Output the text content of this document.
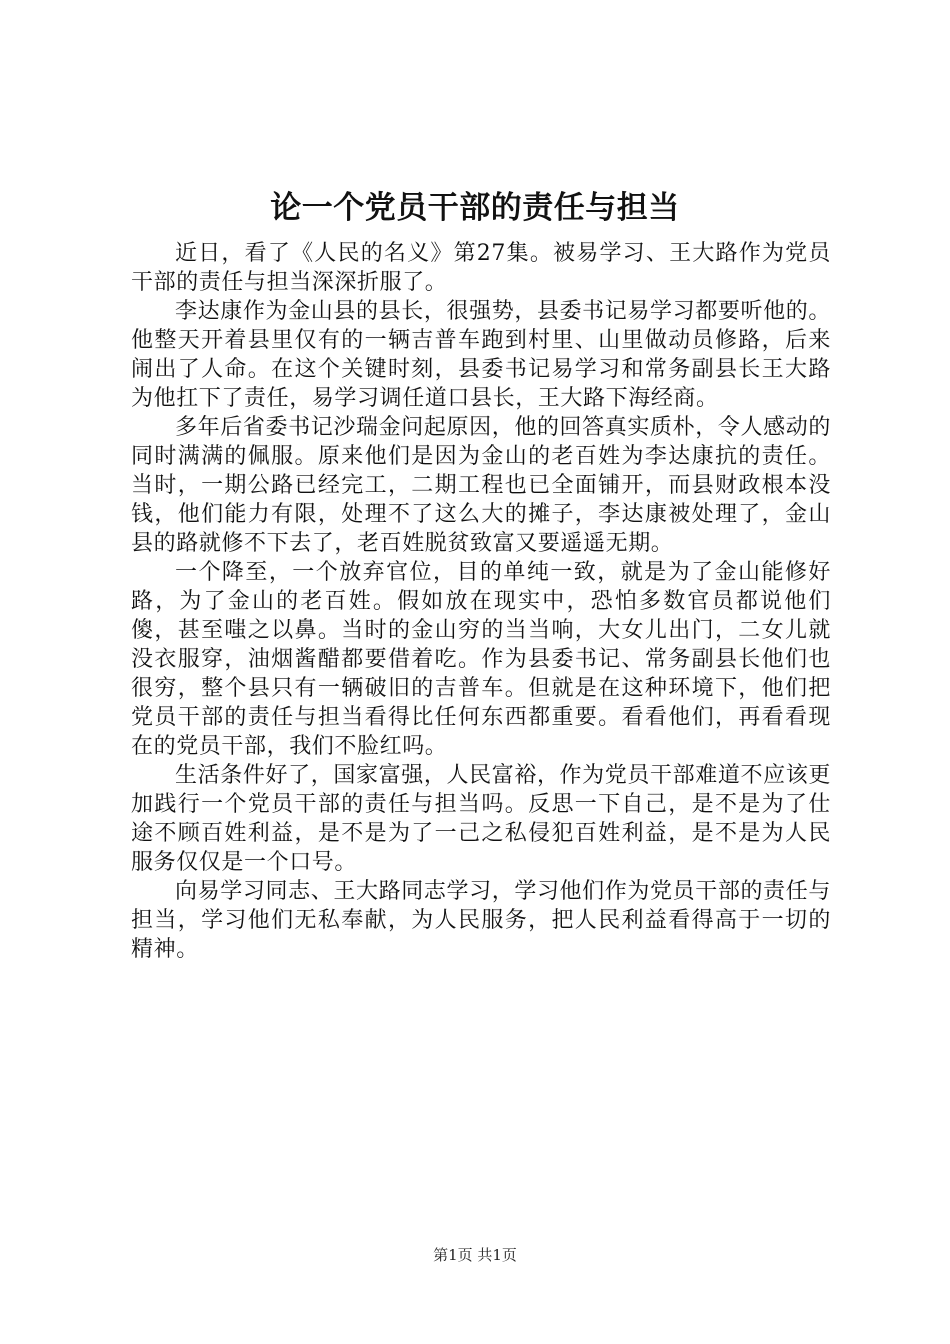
论一个党员干部的责任与担当

近日，看了《人民的名义》第27集。被易学习、王大路作为党员干部的责任与担当深深折服了。

李达康作为金山县的县长，很强势，县委书记易学习都要听他的。他整天开着县里仅有的一辆吉普车跑到村里、山里做动员修路，后来闹出了人命。在这个关键时刻，县委书记易学习和常务副县长王大路为他扛下了责任，易学习调任道口县长，王大路下海经商。

多年后省委书记沙瑞金问起原因，他的回答真实质朴，令人感动的同时满满的佩服。原来他们是因为金山的老百姓为李达康抗的责任。当时，一期公路已经完工，二期工程也已全面铺开，而县财政根本没钱，他们能力有限，处理不了这么大的摊子，李达康被处理了，金山县的路就修不下去了，老百姓脱贫致富又要遥遥无期。

一个降至，一个放弃官位，目的单纯一致，就是为了金山能修好路，为了金山的老百姓。假如放在现实中，恐怕多数官员都说他们傻，甚至嗤之以鼻。当时的金山穷的当当响，大女儿出门，二女儿就没衣服穿，油烟酱醋都要借着吃。作为县委书记、常务副县长他们也很穷，整个县只有一辆破旧的吉普车。但就是在这种环境下，他们把党员干部的责任与担当看得比任何东西都重要。看看他们，再看看现在的党员干部，我们不脸红吗。

生活条件好了，国家富强，人民富裕，作为党员干部难道不应该更加践行一个党员干部的责任与担当吗。反思一下自己，是不是为了仕途不顾百姓利益，是不是为了一己之私侵犯百姓利益，是不是为人民服务仅仅是一个口号。

向易学习同志、王大路同志学习，学习他们作为党员干部的责任与担当，学习他们无私奉献，为人民服务，把人民利益看得高于一切的精神。

第1页 共1页
